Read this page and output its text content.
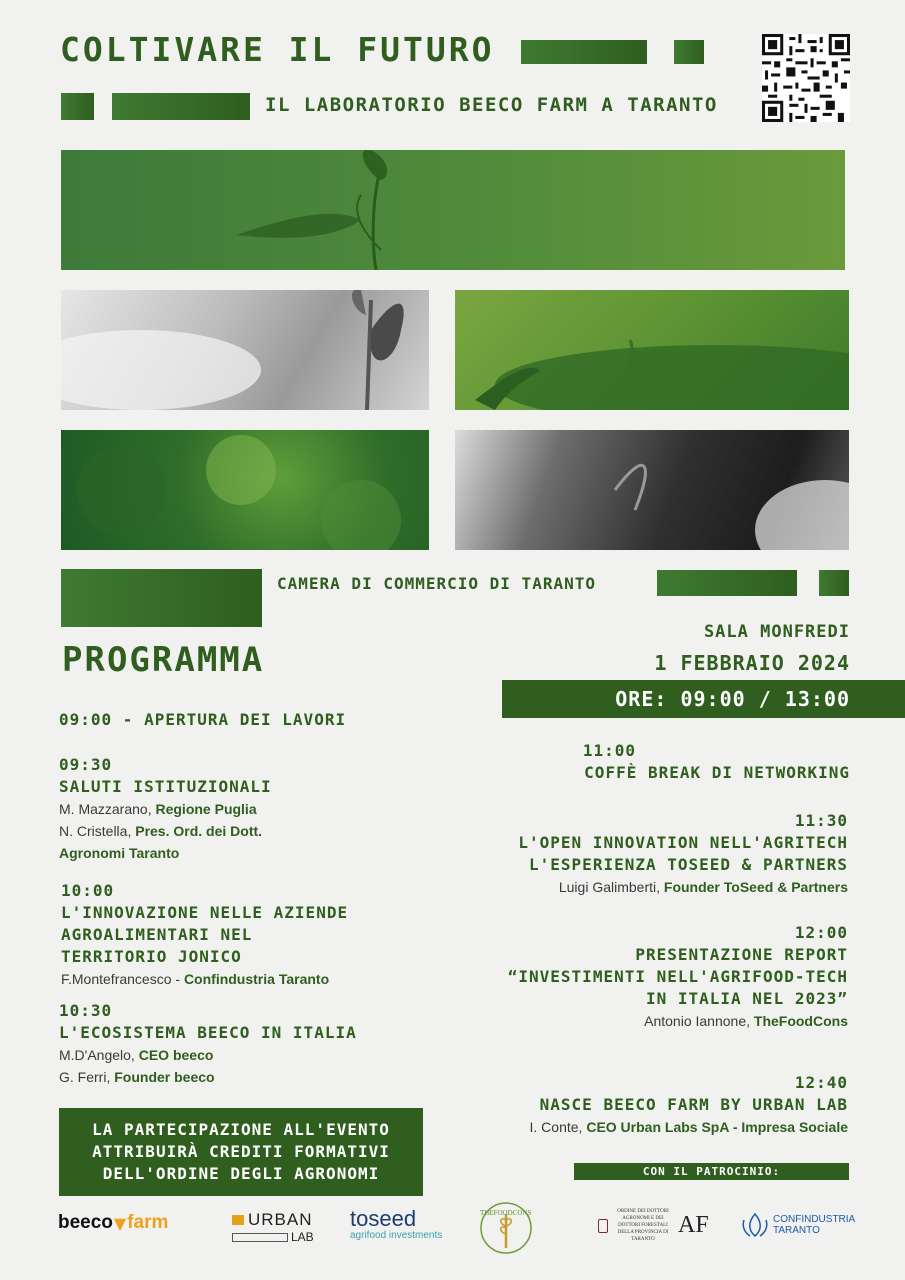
COLTIVARE IL FUTURO
IL LABORATORIO BEECO FARM A TARANTO
CAMERA DI COMMERCIO DI TARANTO
SALA MONFREDI
1 FEBBRAIO 2024
ORE: 09:00 / 13:00
PROGRAMMA
09:00 - APERTURA DEI LAVORI
09:30
SALUTI ISTITUZIONALI
M. Mazzarano, Regione Puglia
N. Cristella, Pres. Ord. dei Dott.
Agronomi Taranto
10:00
L'INNOVAZIONE NELLE AZIENDE
AGROALIMENTARI NEL
TERRITORIO JONICO
F.Montefrancesco - Confindustria Taranto
10:30
L'ECOSISTEMA BEECO IN ITALIA
M.D'Angelo, CEO beeco
G. Ferri, Founder beeco
11:00
COFFÈ BREAK DI NETWORKING
11:30
L'OPEN INNOVATION NELL'AGRITECH
L'ESPERIENZA TOSEED & PARTNERS
Luigi Galimberti, Founder ToSeed & Partners
12:00
PRESENTAZIONE REPORT
“INVESTIMENTI NELL'AGRIFOOD-TECH
IN ITALIA NEL 2023”
Antonio Iannone, TheFoodCons
12:40
NASCE BEECO FARM BY URBAN LAB
I. Conte, CEO Urban Labs SpA - Impresa Sociale
LA PARTECIPAZIONE ALL'EVENTO
ATTRIBUIRÀ CREDITI FORMATIVI
DELL'ORDINE DEGLI AGRONOMI	CON IL PATROCINIO:
beeco ▼ farm	URBAN
LAB
toseed
agrifood investments
THEFOODCONS	ORDINE DEI DOTTORI AGRONOMI E DEI DOTTORI FORESTALI DELLA PROVINCIA DI TARANTO
AF	CONFINDUSTRIA
TARANTO
